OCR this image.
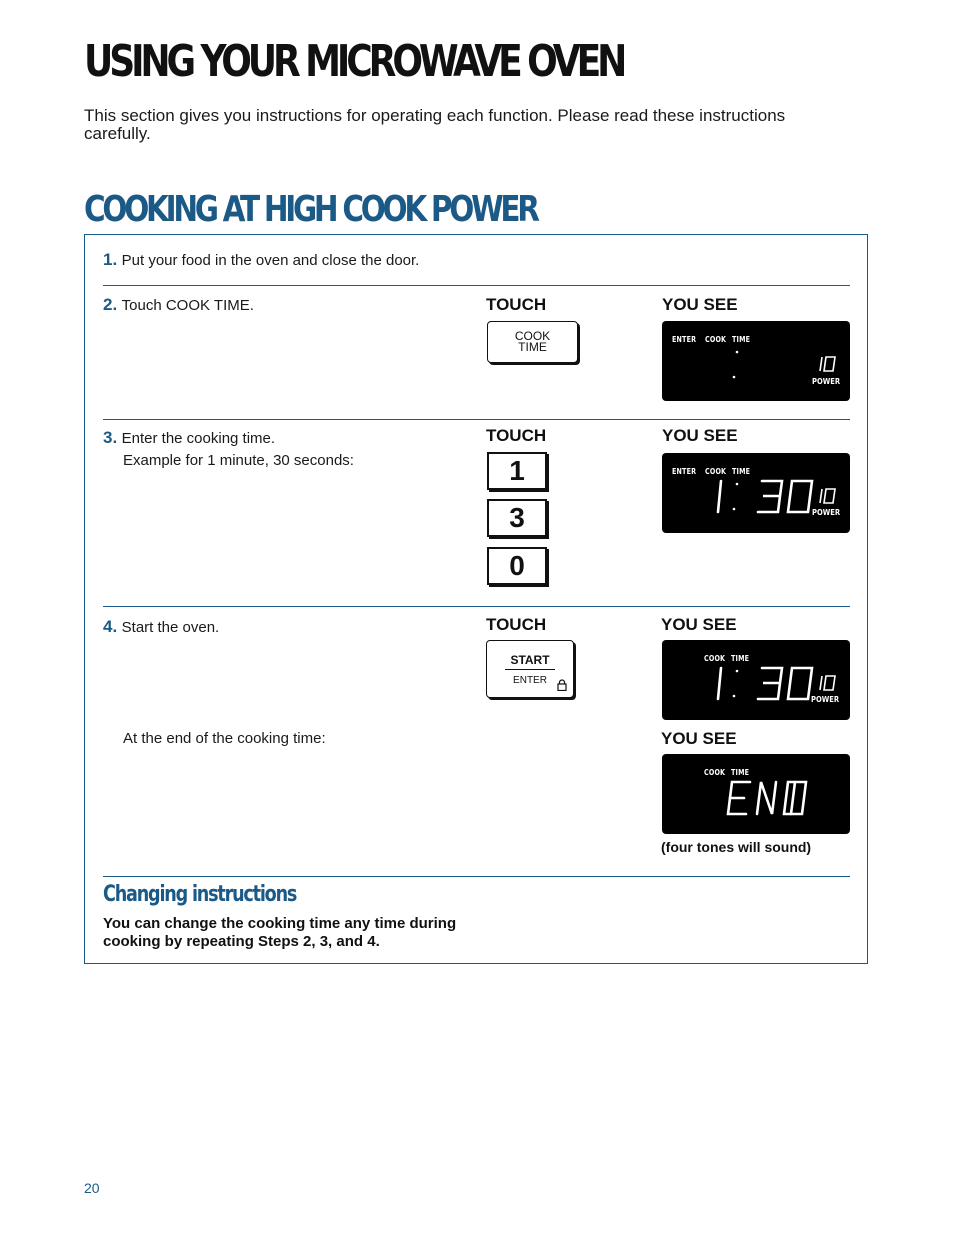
USING YOUR MICROWAVE OVEN

This section gives you instructions for operating each function. Please read these instructions carefully.

COOKING AT HIGH COOK POWER
1. Put your food in the oven and close the door.
2. Touch COOK TIME.	TOUCH	YOU SEE
COOK
TIME
ENTER COOK TIME
POWER
3. Enter the cooking time.
Example for 1 minute, 30 seconds:
TOUCH	YOU SEE
1
3
0
ENTER COOK TIME
POWER
4. Start the oven.	TOUCH	YOU SEE
START
ENTER
COOK TIME
POWER
At the end of the cooking time:	YOU SEE
COOK TIME
(four tones will sound)
Changing instructions

You can change the cooking time any time during cooking by repeating Steps 2, 3, and 4.

20
